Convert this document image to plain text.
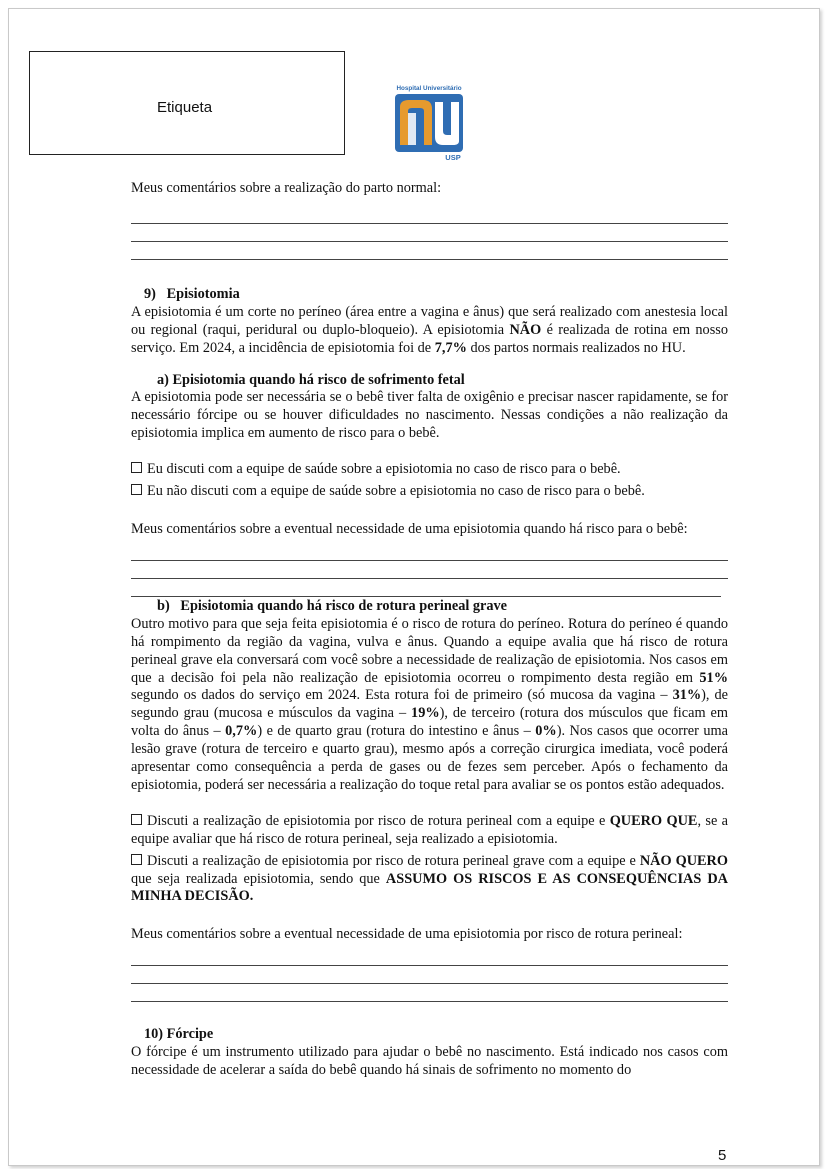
Etiqueta
Hospital Universitário
USP

Meus comentários sobre a realização do parto normal:

9)   Episiotomia

A episiotomia é um corte no períneo (área entre a vagina e ânus) que será realizado com anestesia local ou regional (raqui, peridural ou duplo-bloqueio). A episiotomia NÃO é realizada de rotina em nosso serviço. Em 2024, a incidência de episiotomia foi de 7,7% dos partos normais realizados no HU.

a) Episiotomia quando há risco de sofrimento fetal

A episiotomia pode ser necessária se o bebê tiver falta de oxigênio e precisar nascer rapidamente, se for necessário fórcipe ou se houver dificuldades no nascimento. Nessas condições a não realização da episiotomia implica em aumento de risco para o bebê.

Eu discuti com a equipe de saúde sobre a episiotomia no caso de risco para o bebê.

Eu não discuti com a equipe de saúde sobre a episiotomia no caso de risco para o bebê.

Meus comentários sobre a eventual necessidade de uma episiotomia quando há risco para o bebê:

b)   Episiotomia quando há risco de rotura perineal grave

Outro motivo para que seja feita episiotomia é o risco de rotura do períneo. Rotura do períneo é quando há rompimento da região da vagina, vulva e ânus. Quando a equipe avalia que há risco de rotura perineal grave ela conversará com você sobre a necessidade de realização de episiotomia. Nos casos em que a decisão foi pela não realização de episiotomia ocorreu o rompimento desta região em 51% segundo os dados do serviço em 2024. Esta rotura foi de primeiro (só mucosa da vagina – 31%), de segundo grau (mucosa e músculos da vagina – 19%), de terceiro (rotura dos músculos que ficam em volta do ânus – 0,7%) e de quarto grau (rotura do intestino e ânus – 0%). Nos casos que ocorrer uma lesão grave (rotura de terceiro e quarto grau), mesmo após a correção cirurgica imediata, você poderá apresentar como consequência a perda de gases ou de fezes sem perceber. Após o fechamento da episiotomia, poderá ser necessária a realização do toque retal para avaliar se os pontos estão adequados.

Discuti a realização de episiotomia por risco de rotura perineal com a equipe e QUERO QUE, se a equipe avaliar que há risco de rotura perineal, seja realizado a episiotomia.

Discuti a realização de episiotomia por risco de rotura perineal grave com a equipe e NÃO QUERO que seja realizada episiotomia, sendo que ASSUMO OS RISCOS E AS CONSEQUÊNCIAS DA MINHA DECISÃO.

Meus comentários sobre a eventual necessidade de uma episiotomia por risco de rotura perineal:

10) Fórcipe

O fórcipe é um instrumento utilizado para ajudar o bebê no nascimento. Está indicado nos casos com necessidade de acelerar a saída do bebê quando há sinais de sofrimento no momento do

5
